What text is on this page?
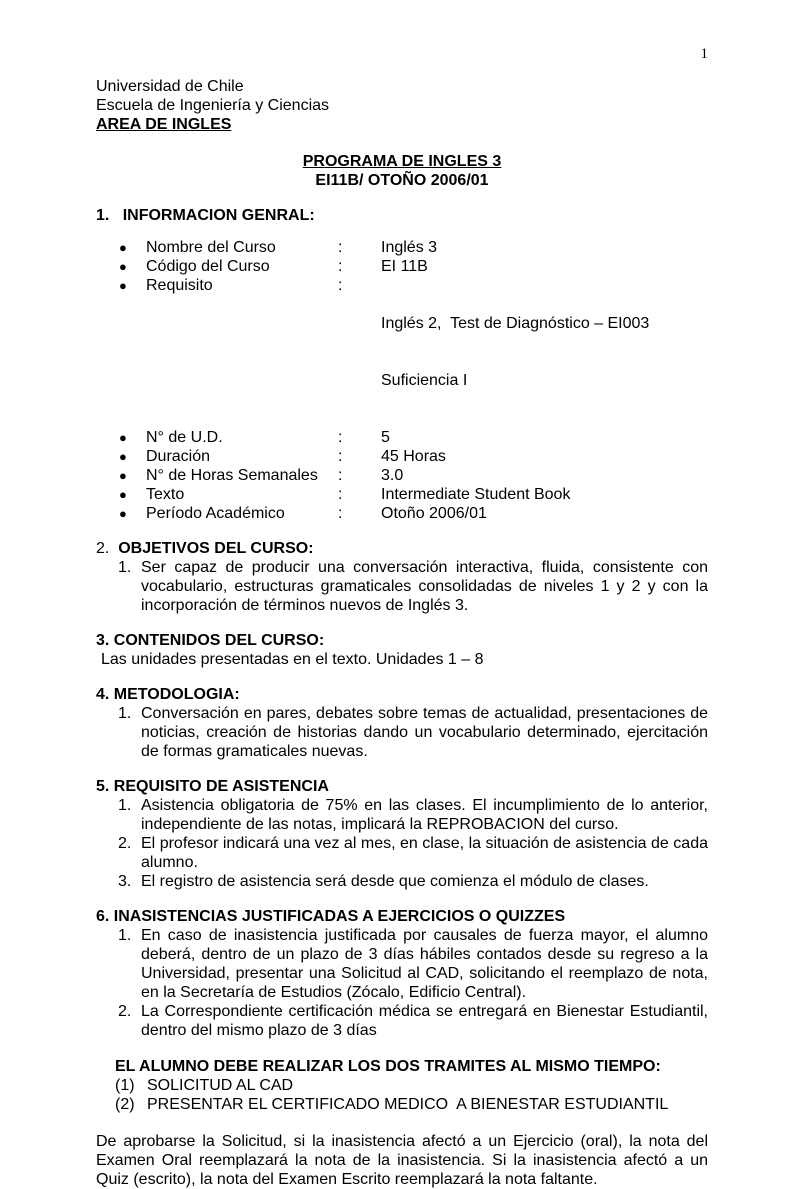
1
Universidad de Chile
Escuela de Ingeniería y Ciencias
AREA DE INGLES
PROGRAMA DE INGLES 3
EI11B/ OTOÑO 2006/01
1.   INFORMACION GENRAL:
●	Nombre del Curso	:	Inglés 3
●	Código del Curso	:	EI 11B
●	Requisito	:

Inglés 2,  Test de Diagnóstico – EI003

Suficiencia I

●	N° de U.D.	:	5
●	Duración	:	45 Horas
●	N° de Horas Semanales	:	3.0
●	Texto	:	Intermediate Student Book
●	Período Académico	:	Otoño 2006/01
2.  OBJETIVOS DEL CURSO:
1. Ser capaz de producir una conversación interactiva, fluida, consistente con vocabulario, estructuras gramaticales consolidadas de niveles 1 y 2 y con la incorporación de términos nuevos de Inglés 3.
3. CONTENIDOS DEL CURSO:
Las unidades presentadas en el texto. Unidades 1 – 8
4. METODOLOGIA:
1. Conversación en pares, debates sobre temas de actualidad, presentaciones de noticias, creación de historias dando un vocabulario determinado, ejercitación de formas gramaticales nuevas.
5. REQUISITO DE ASISTENCIA
1. Asistencia obligatoria de 75% en las clases. El incumplimiento de lo anterior, independiente de las notas, implicará la REPROBACION del curso.
2. El profesor indicará una vez al mes, en clase, la situación de asistencia de cada alumno.
3. El registro de asistencia será desde que comienza el módulo de clases.
6. INASISTENCIAS JUSTIFICADAS A EJERCICIOS O QUIZZES
1. En caso de inasistencia justificada por causales de fuerza mayor, el alumno deberá, dentro de un plazo de 3 días hábiles contados desde su regreso a la Universidad, presentar una Solicitud al CAD, solicitando el reemplazo de nota, en la Secretaría de Estudios (Zócalo, Edificio Central).
2. La Correspondiente certificación médica se entregará en Bienestar Estudiantil, dentro del mismo plazo de 3 días
EL ALUMNO DEBE REALIZAR LOS DOS TRAMITES AL MISMO TIEMPO:
(1) SOLICITUD AL CAD
(2) PRESENTAR EL CERTIFICADO MEDICO  A BIENESTAR ESTUDIANTIL
De aprobarse la Solicitud, si la inasistencia afectó a un Ejercicio (oral), la nota del Examen Oral reemplazará la nota de la inasistencia. Si la inasistencia afectó a un Quiz (escrito), la nota del Examen Escrito reemplazará la nota faltante.
